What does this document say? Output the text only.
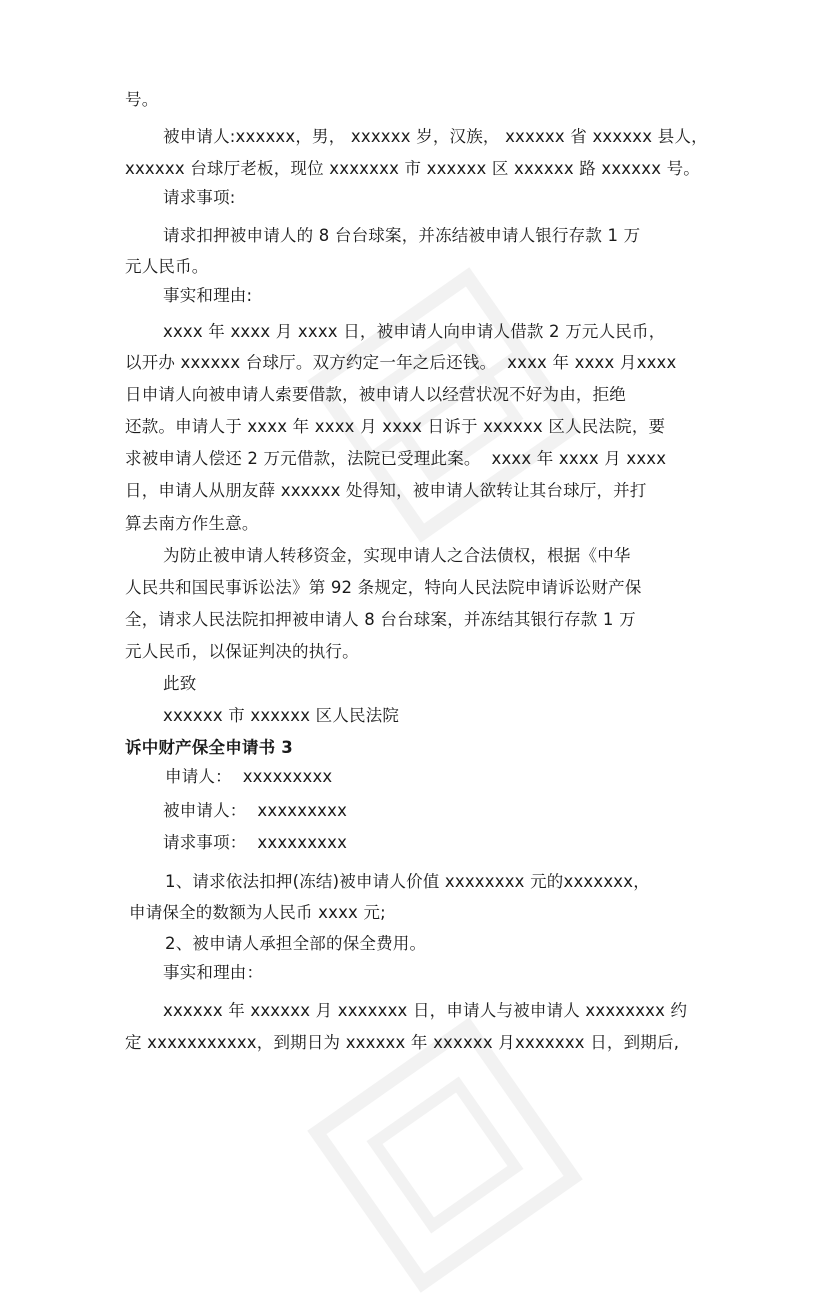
号。
被申请人:xxxxxx，男， xxxxxx 岁，汉族， xxxxxx 省 xxxxxx 县人，
xxxxxx 台球厅老板，现位 xxxxxxx 市 xxxxxx 区 xxxxxx 路 xxxxxx 号。
请求事项:
请求扣押被申请人的 8 台台球案，并冻结被申请人银行存款 1 万
元人民币。
事实和理由:
xxxx 年 xxxx 月 xxxx 日，被申请人向申请人借款 2 万元人民币，
以开办 xxxxxx 台球厅。双方约定一年之后还钱。  xxxx 年 xxxx 月xxxx
日申请人向被申请人索要借款，被申请人以经营状况不好为由，拒绝
还款。申请人于 xxxx 年 xxxx 月 xxxx 日诉于 xxxxxx 区人民法院，要
求被申请人偿还 2 万元借款，法院已受理此案。  xxxx 年 xxxx 月 xxxx
日，申请人从朋友薛 xxxxxx 处得知，被申请人欲转让其台球厅，并打
算去南方作生意。
为防止被申请人转移资金，实现申请人之合法债权，根据《中华
人民共和国民事诉讼法》第 92 条规定，特向人民法院申请诉讼财产保
全，请求人民法院扣押被申请人 8 台台球案，并冻结其银行存款 1 万
元人民币，以保证判决的执行。
此致
xxxxxx 市 xxxxxx 区人民法院
诉中财产保全申请书 3
申请人：  xxxxxxxxx
被申请人：  xxxxxxxxx
请求事项：  xxxxxxxxx
1、请求依法扣押(冻结)被申请人价值 xxxxxxxx 元的xxxxxxx，
申请保全的数额为人民币 xxxx 元;
2、被申请人承担全部的保全费用。
事实和理由：
xxxxxx 年 xxxxxx 月 xxxxxxx 日，申请人与被申请人 xxxxxxxx 约
定 xxxxxxxxxxx，到期日为 xxxxxx 年 xxxxxx 月xxxxxxx 日，到期后,
